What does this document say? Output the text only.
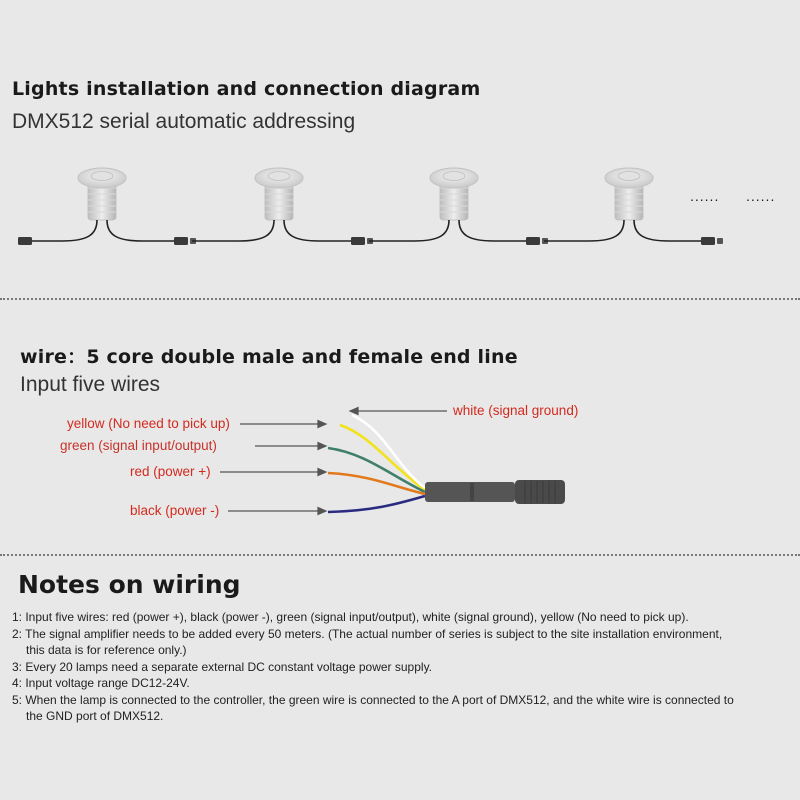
Lights installation and connection diagram
DMX512 serial automatic addressing
...... ......
wire：5 core double male and female end line
Input five wires
yellow (No need to pick up)
green (signal input/output)
red (power +)
black (power -)
white (signal ground)
Notes on wiring
1: Input five wires: red (power +), black (power -), green (signal input/output), white (signal ground), yellow (No need to pick up).
2: The signal amplifier needs to be added every 50 meters. (The actual number of series is subject to the site installation environment,
this data is for reference only.)
3: Every 20 lamps need a separate external DC constant voltage power supply.
4: Input voltage range DC12-24V.
5: When the lamp is connected to the controller, the green wire is connected to the A port of DMX512, and the white wire is connected to
the GND port of DMX512.
